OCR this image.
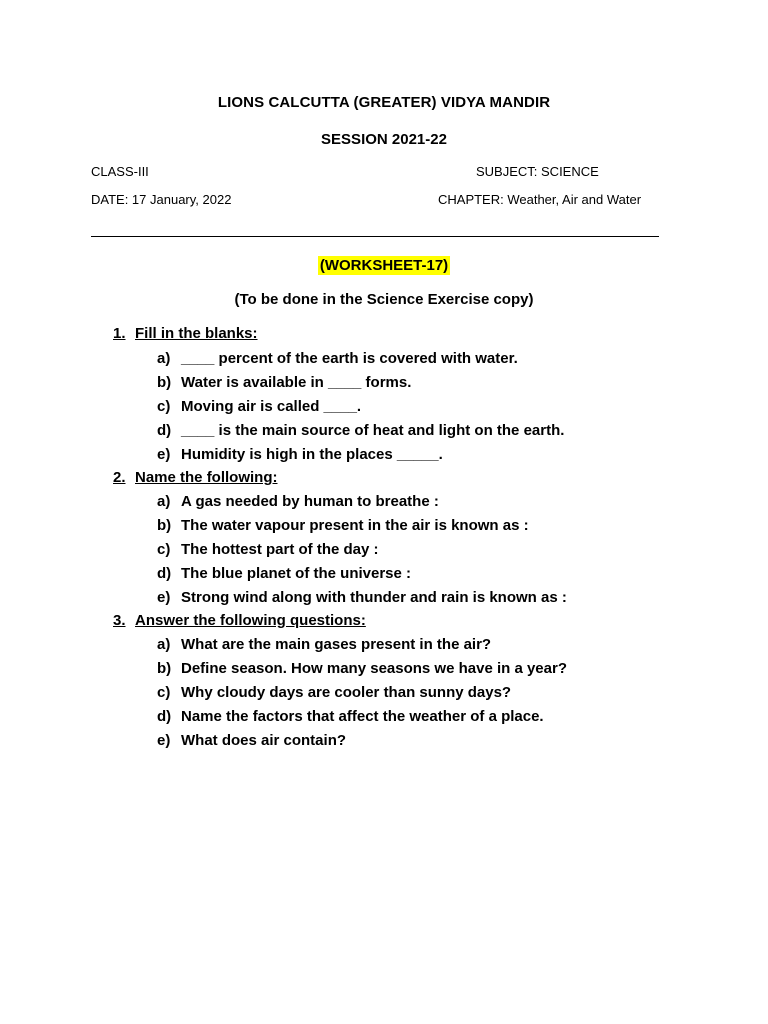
LIONS CALCUTTA (GREATER) VIDYA MANDIR
SESSION 2021-22
CLASS-III	SUBJECT: SCIENCE
DATE: 17 January, 2022	CHAPTER: Weather, Air and Water
(WORKSHEET-17)
(To be done in the Science Exercise copy)
1. Fill in the blanks:
a) ____ percent of the earth is covered with water.
b) Water is available in ____ forms.
c) Moving air is called ____.
d) ____ is the main source of heat and light on the earth.
e) Humidity is high in the places _____.
2. Name the following:
a) A gas needed by human to breathe :
b) The water vapour present in the air is known as :
c) The hottest part of the day :
d) The blue planet of the universe :
e) Strong wind along with thunder and rain is known as :
3. Answer the following questions:
a) What are the main gases present in the air?
b) Define season. How many seasons we have in a year?
c) Why cloudy days are cooler than sunny days?
d) Name the factors that affect the weather of a place.
e) What does air contain?
